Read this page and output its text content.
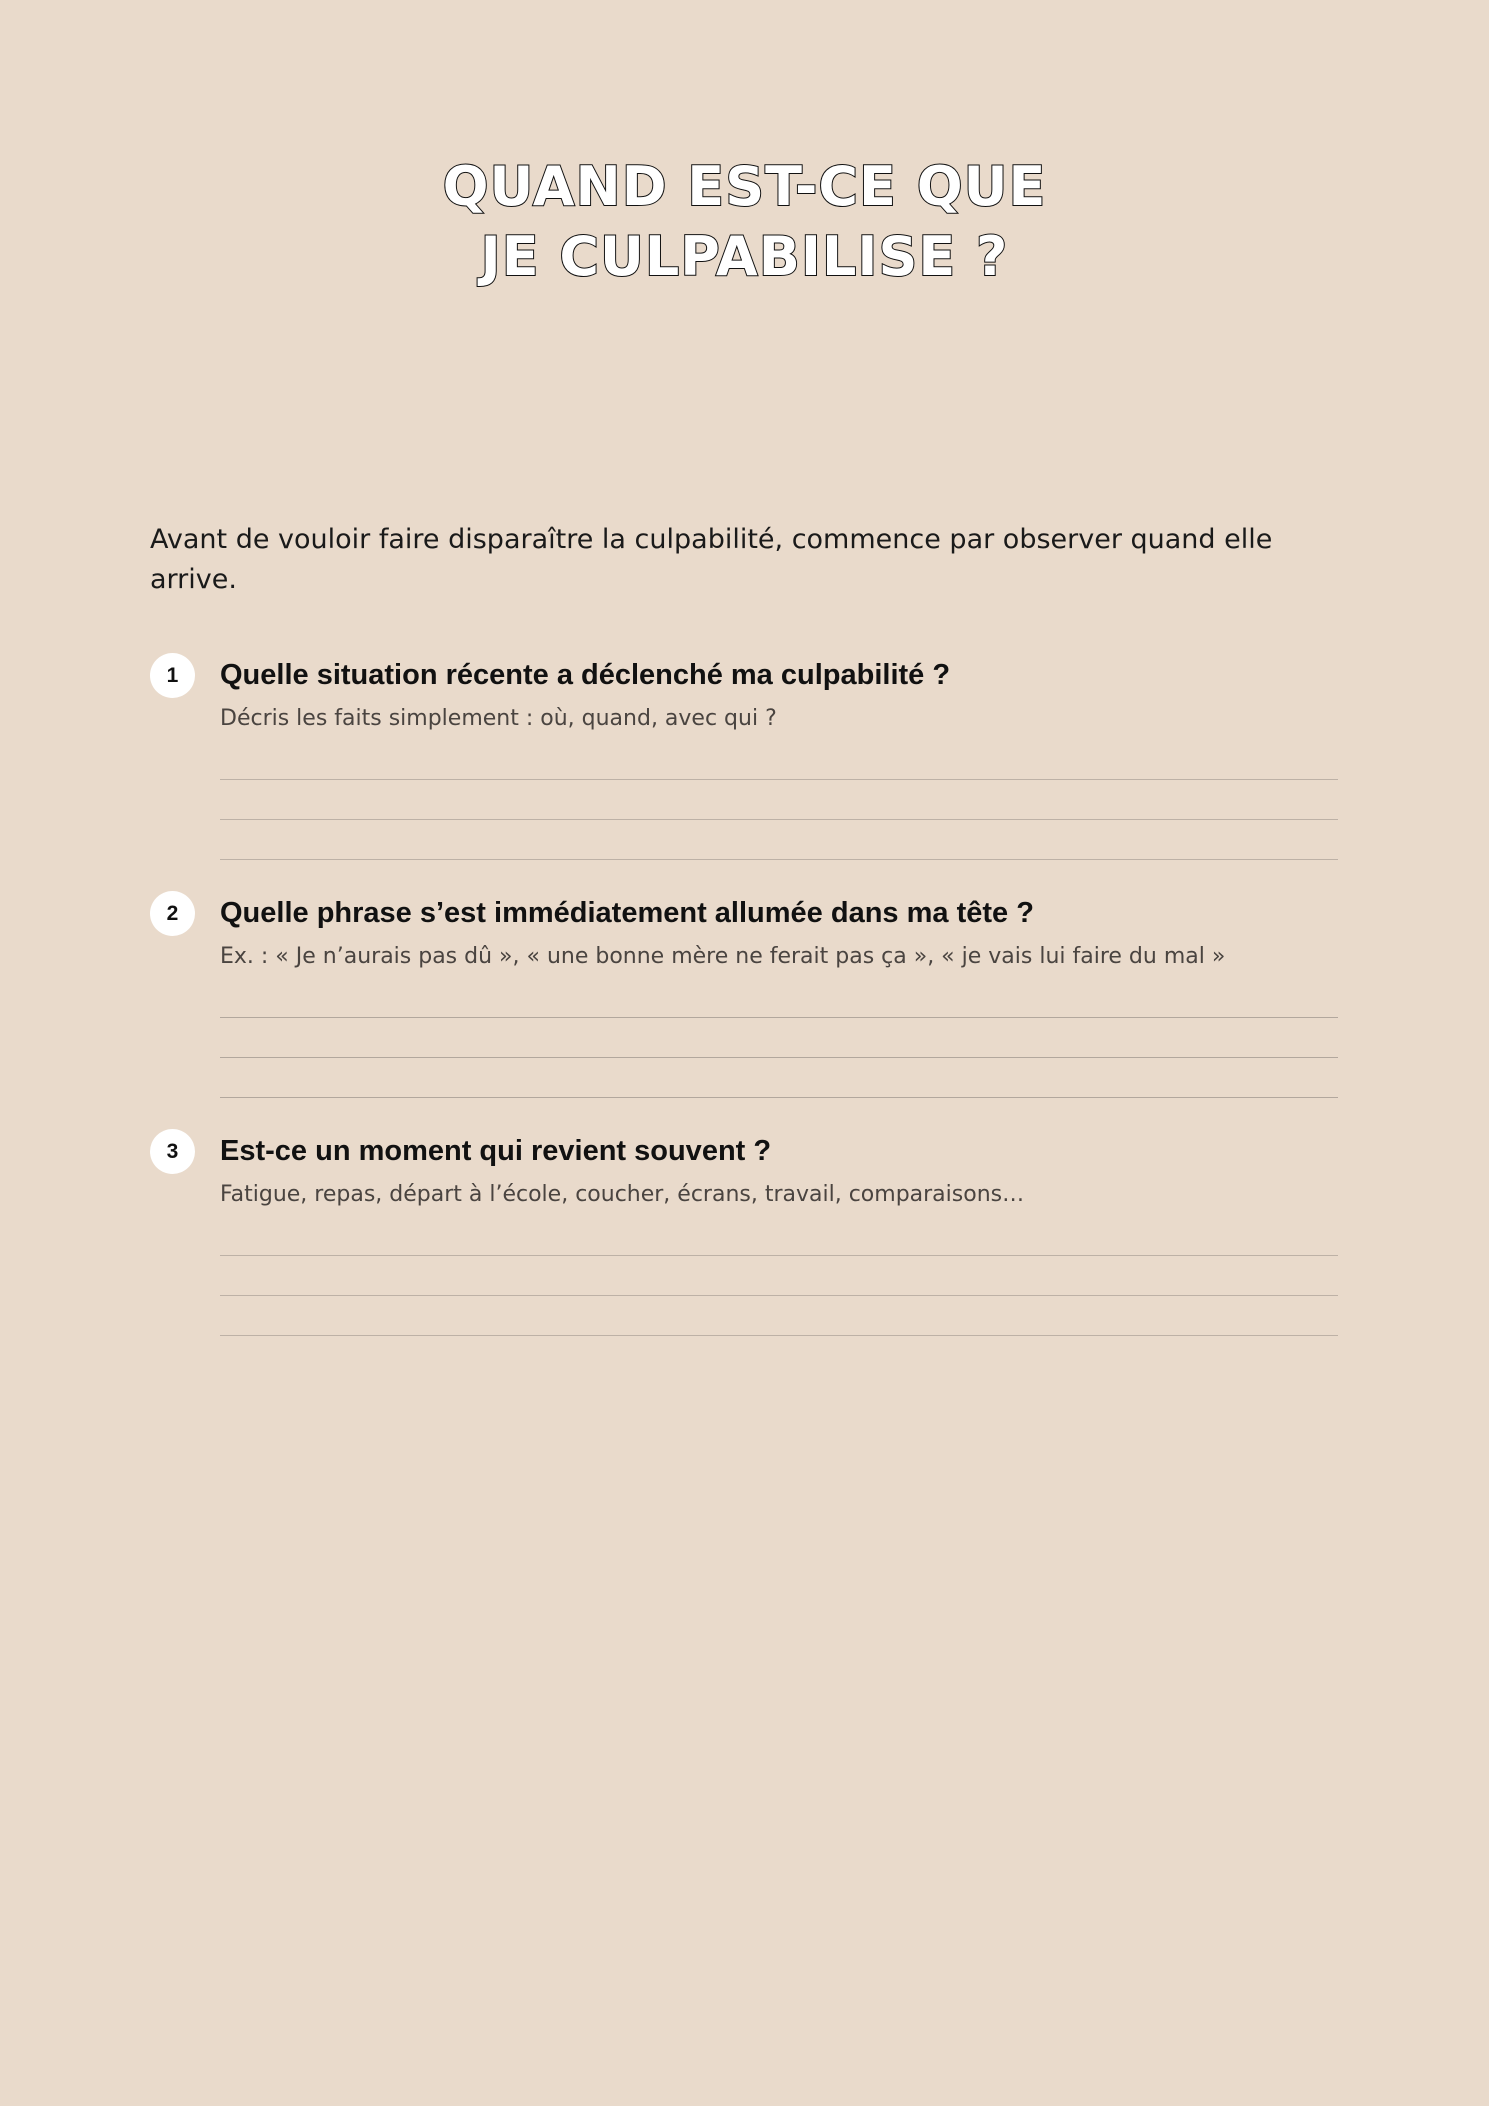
QUAND EST-CE QUE
JE CULPABILISE ?

Avant de vouloir faire disparaître la culpabilité, commence par observer quand elle arrive.

1	Quelle situation récente a déclenché ma culpabilité ?

Décris les faits simplement : où, quand, avec qui ?

2	Quelle phrase s’est immédiatement allumée dans ma tête ?

Ex. : « Je n’aurais pas dû », « une bonne mère ne ferait pas ça », « je vais lui faire du mal »

3	Est-ce un moment qui revient souvent ?

Fatigue, repas, départ à l’école, coucher, écrans, travail, comparaisons…
